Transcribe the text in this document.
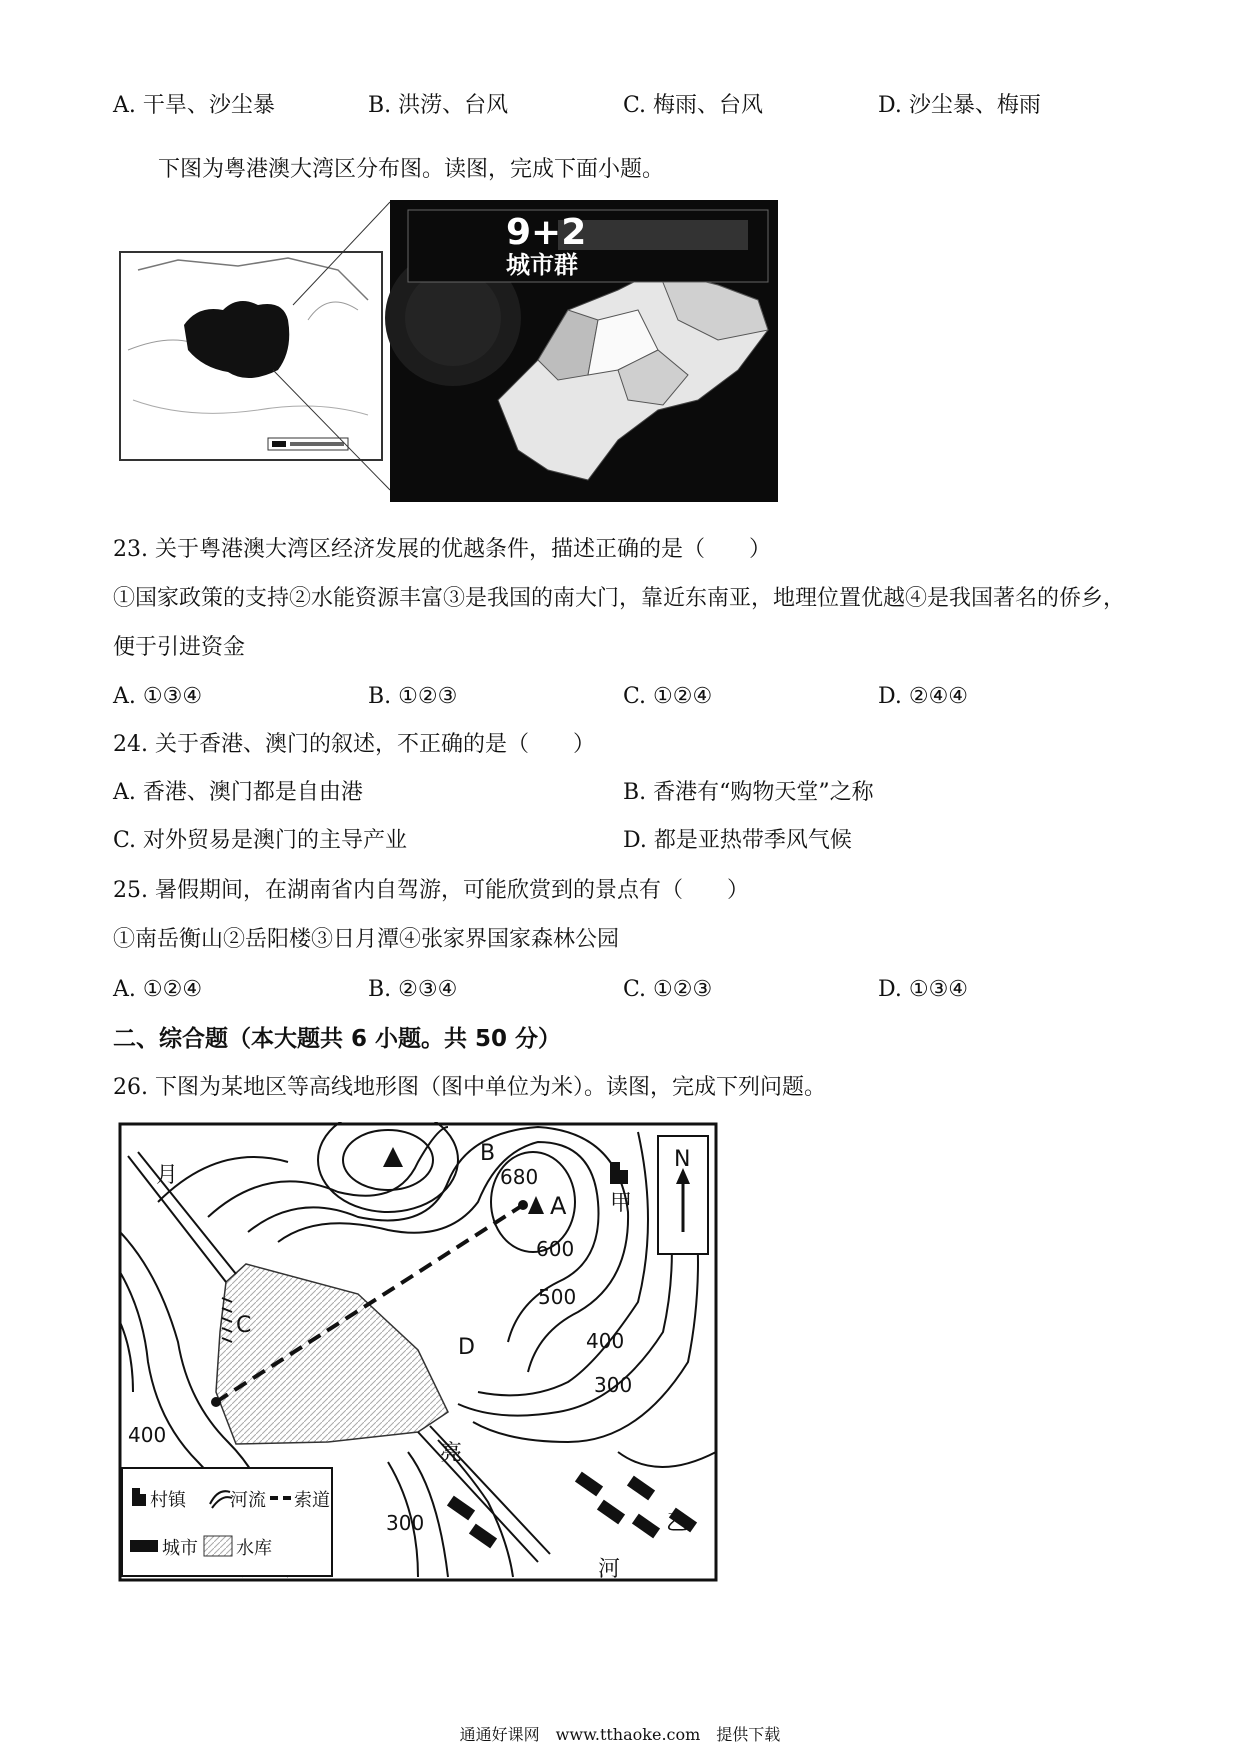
A. 干旱、沙尘暴	B. 洪涝、台风	C. 梅雨、台风	D. 沙尘暴、梅雨
下图为粤港澳大湾区分布图。读图，完成下面小题。
9+2
城市群
23. 关于粤港澳大湾区经济发展的优越条件，描述正确的是（　　）
①国家政策的支持②水能资源丰富③是我国的南大门，靠近东南亚，地理位置优越④是我国著名的侨乡，
便于引进资金
A. ①③④	B. ①②③	C. ①②④	D. ②④④
24. 关于香港、澳门的叙述，不正确的是（　　）
A. 香港、澳门都是自由港	B. 香港有“购物天堂”之称
C. 对外贸易是澳门的主导产业	D. 都是亚热带季风气候
25. 暑假期间，在湖南省内自驾游，可能欣赏到的景点有（　　）
①南岳衡山②岳阳楼③日月潭④张家界国家森林公园
A. ①②④	B. ②③④	C. ①②③	D. ①③④
二、综合题（本大题共 6 小题。共 50 分）
26. 下图为某地区等高线地形图（图中单位为米）。读图，完成下列问题。
680
A
B
C
D
600
500
400
300
400
300
甲
乙
月
亮
河
N
村镇 河流 索道
城市 水库
通通好课网　www.tthaoke.com　提供下载
